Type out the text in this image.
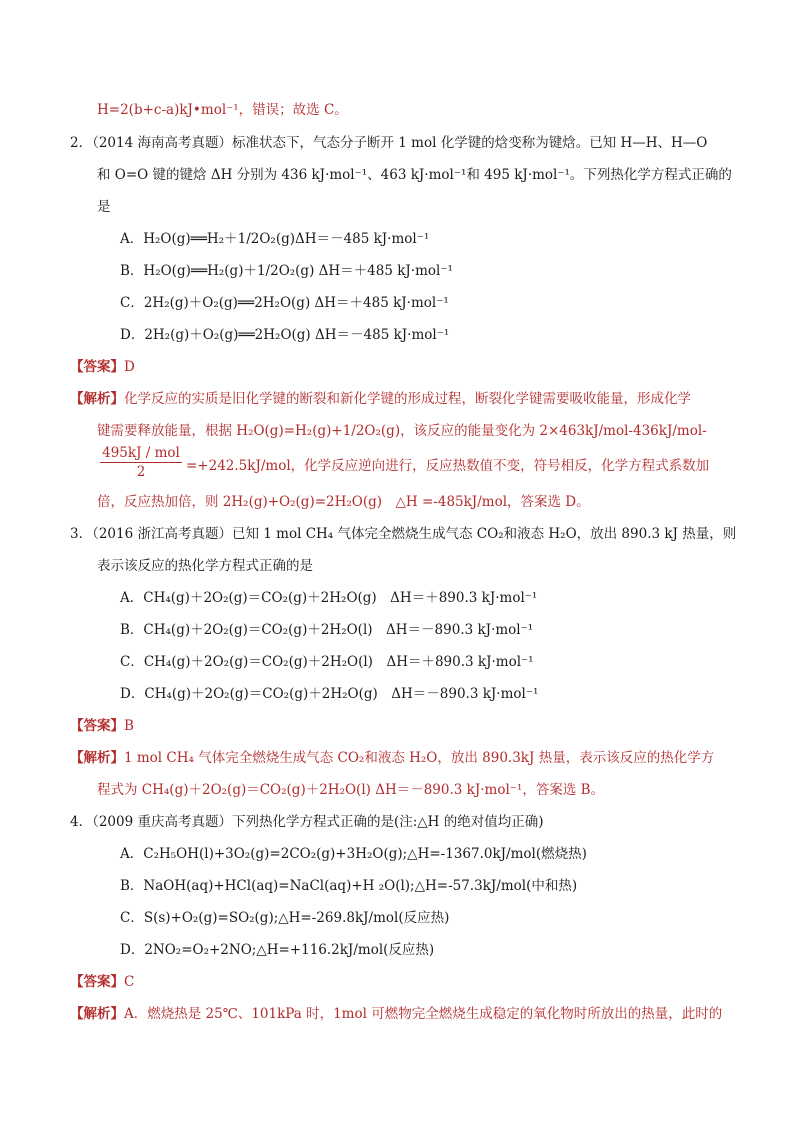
H=2(b+c-a)kJ•mol⁻¹，错误；故选 C。
2．（2014 海南高考真题）标准状态下，气态分子断开 1 mol 化学键的焓变称为键焓。已知 H—H、H—O
和 O=O 键的键焓 ΔH 分别为 436 kJ·mol⁻¹、463 kJ·mol⁻¹和 495 kJ·mol⁻¹。下列热化学方程式正确的
是
A．H₂O(g)══H₂＋1/2O₂(g)ΔH＝－485 kJ·mol⁻¹
B．H₂O(g)══H₂(g)＋1/2O₂(g) ΔH＝＋485 kJ·mol⁻¹
C．2H₂(g)＋O₂(g)══2H₂O(g) ΔH＝＋485 kJ·mol⁻¹
D．2H₂(g)＋O₂(g)══2H₂O(g) ΔH＝－485 kJ·mol⁻¹
【答案】D
【解析】化学反应的实质是旧化学键的断裂和新化学键的形成过程，断裂化学键需要吸收能量，形成化学
键需要释放能量，根据 H₂O(g)=H₂(g)+1/2O₂(g)，该反应的能量变化为 2×463kJ/mol-436kJ/mol-
495kJ / mol
2	=+242.5kJ/mol，化学反应逆向进行，反应热数值不变，符号相反，化学方程式系数加
倍，反应热加倍，则 2H₂(g)+O₂(g)=2H₂O(g)　△H =-485kJ/mol，答案选 D。
3．（2016 浙江高考真题）已知 1 mol CH₄ 气体完全燃烧生成气态 CO₂和液态 H₂O，放出 890.3 kJ 热量，则
表示该反应的热化学方程式正确的是
A．CH₄(g)＋2O₂(g)＝CO₂(g)＋2H₂O(g)　ΔH＝＋890.3 kJ·mol⁻¹
B．CH₄(g)＋2O₂(g)＝CO₂(g)＋2H₂O(l)　ΔH＝－890.3 kJ·mol⁻¹
C．CH₄(g)＋2O₂(g)＝CO₂(g)＋2H₂O(l)　ΔH＝＋890.3 kJ·mol⁻¹
D．CH₄(g)＋2O₂(g)＝CO₂(g)＋2H₂O(g)　ΔH＝－890.3 kJ·mol⁻¹
【答案】B
【解析】1 mol CH₄ 气体完全燃烧生成气态 CO₂和液态 H₂O，放出 890.3kJ 热量，表示该反应的热化学方
程式为 CH₄(g)＋2O₂(g)＝CO₂(g)＋2H₂O(l) ΔH＝－890.3 kJ·mol⁻¹，答案选 B。
4．（2009 重庆高考真题）下列热化学方程式正确的是(注:△H 的绝对值均正确)
A．C₂H₅OH(l)+3O₂(g)=2CO₂(g)+3H₂O(g);△H=-1367.0kJ/mol(燃烧热)
B．NaOH(aq)+HCl(aq)=NaCl(aq)+H ₂O(l);△H=-57.3kJ/mol(中和热)
C．S(s)+O₂(g)=SO₂(g);△H=-269.8kJ/mol(反应热)
D．2NO₂=O₂+2NO;△H=+116.2kJ/mol(反应热)
【答案】C
【解析】A．燃烧热是 25℃、101kPa 时，1mol 可燃物完全燃烧生成稳定的氧化物时所放出的热量，此时的
